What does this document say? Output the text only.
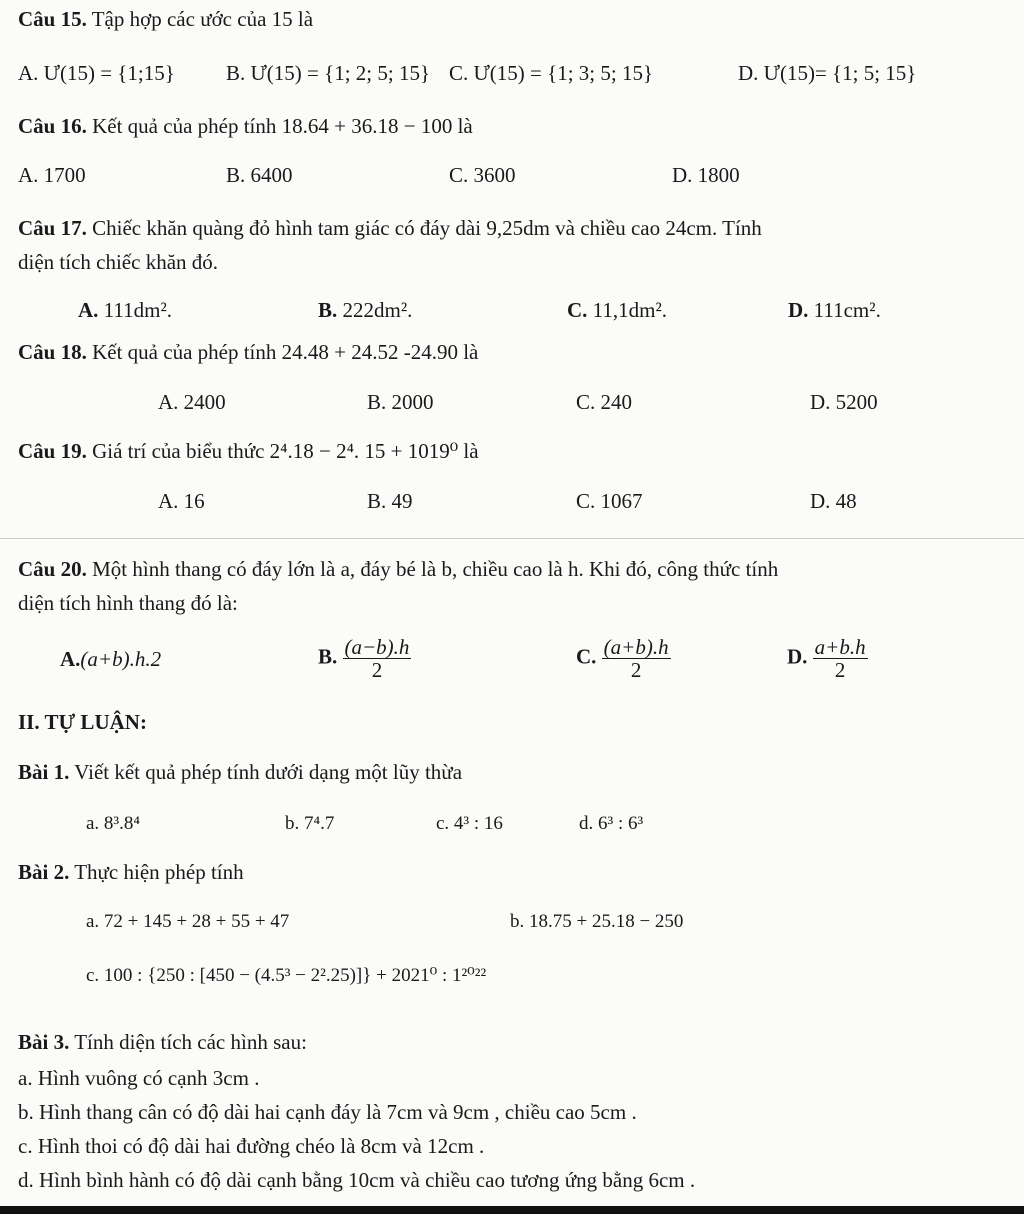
Câu 15. Tập hợp các ước của 15 là
A. Ư(15) = {1;15} B. Ư(15) = {1; 2; 5; 15} C. Ư(15) = {1; 3; 5; 15}	D. Ư(15)= {1; 5; 15}
Câu 16. Kết quả của phép tính 18.64 + 36.18 − 100 là
A. 1700	B. 6400	C. 3600	D. 1800
Câu 17. Chiếc khăn quàng đỏ hình tam giác có đáy dài 9,25dm và chiều cao 24cm. Tính
diện tích chiếc khăn đó.
A. 111dm².	B. 222dm².	C. 11,1dm².	D. 111cm².
Câu 18. Kết quả của phép tính 24.48 + 24.52 -24.90 là
A. 2400	B. 2000	C. 240	D. 5200
Câu 19. Giá trí của biểu thức 2⁴.18 − 2⁴. 15 + 1019⁰ là
A. 16	B. 49	C. 1067	D. 48
Câu 20. Một hình thang có đáy lớn là a, đáy bé là b, chiều cao là h. Khi đó, công thức tính
diện tích hình thang đó là:
A.(a+b).h.2	B. $\frac{(a-b).h}{2}$	C. $\frac{(a+b).h}{2}$	D. $\frac{a+b.h}{2}$
II. TỰ LUẬN:
Bài 1. Viết kết quả phép tính dưới dạng một lũy thừa
a. 8³.8⁴	b. 7⁴.7	c. 4³ : 16	d. 6³ : 6³
Bài 2. Thực hiện phép tính
a. 72 + 145 + 28 + 55 + 47	b. 18.75 + 25.18 − 250
c. 100 : {250 : [450 − (4.5³ − 2².25)]} + 2021⁰ : 1²⁰²²
Bài 3. Tính diện tích các hình sau:
a. Hình vuông có cạnh 3cm .
b. Hình thang cân có độ dài hai cạnh đáy là 7cm và 9cm , chiều cao 5cm .
c. Hình thoi có độ dài hai đường chéo là 8cm và 12cm .
d. Hình bình hành có độ dài cạnh bằng 10cm và chiều cao tương ứng bằng 6cm .
